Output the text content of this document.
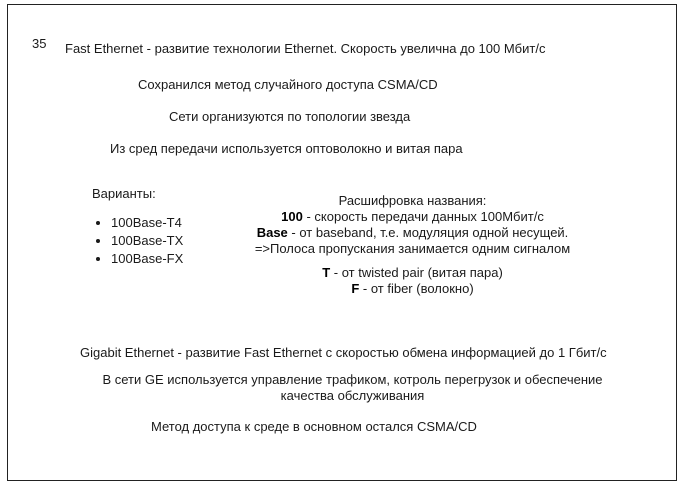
35 Fast Ethernet - развитие технологии Ethernet. Скорость увелична до 100 Мбит/с
Сохранился метод случайного доступа CSMA/CD
Сети организуются по топологии звезда
Из сред передачи используется оптоволокно и витая пара
Варианты:
• 100Base-T4
• 100Base-TX
• 100Base-FX
Расшифровка названия:
100 - скорость передачи данных 100Мбит/с
Base - от baseband, т.е. модуляция одной несущей.
=>Полоса пропускания занимается одним сигналом
T - от twisted pair (витая пара)
F - от fiber (волокно)
Gigabit Ethernet - развитие Fast Ethernet с скоростью обмена информацией до 1 Гбит/с
В сети GE используется управление трафиком, котроль перегрузок и обеспечение
качества обслуживания
Метод доступа к среде в основном остался CSMA/CD
